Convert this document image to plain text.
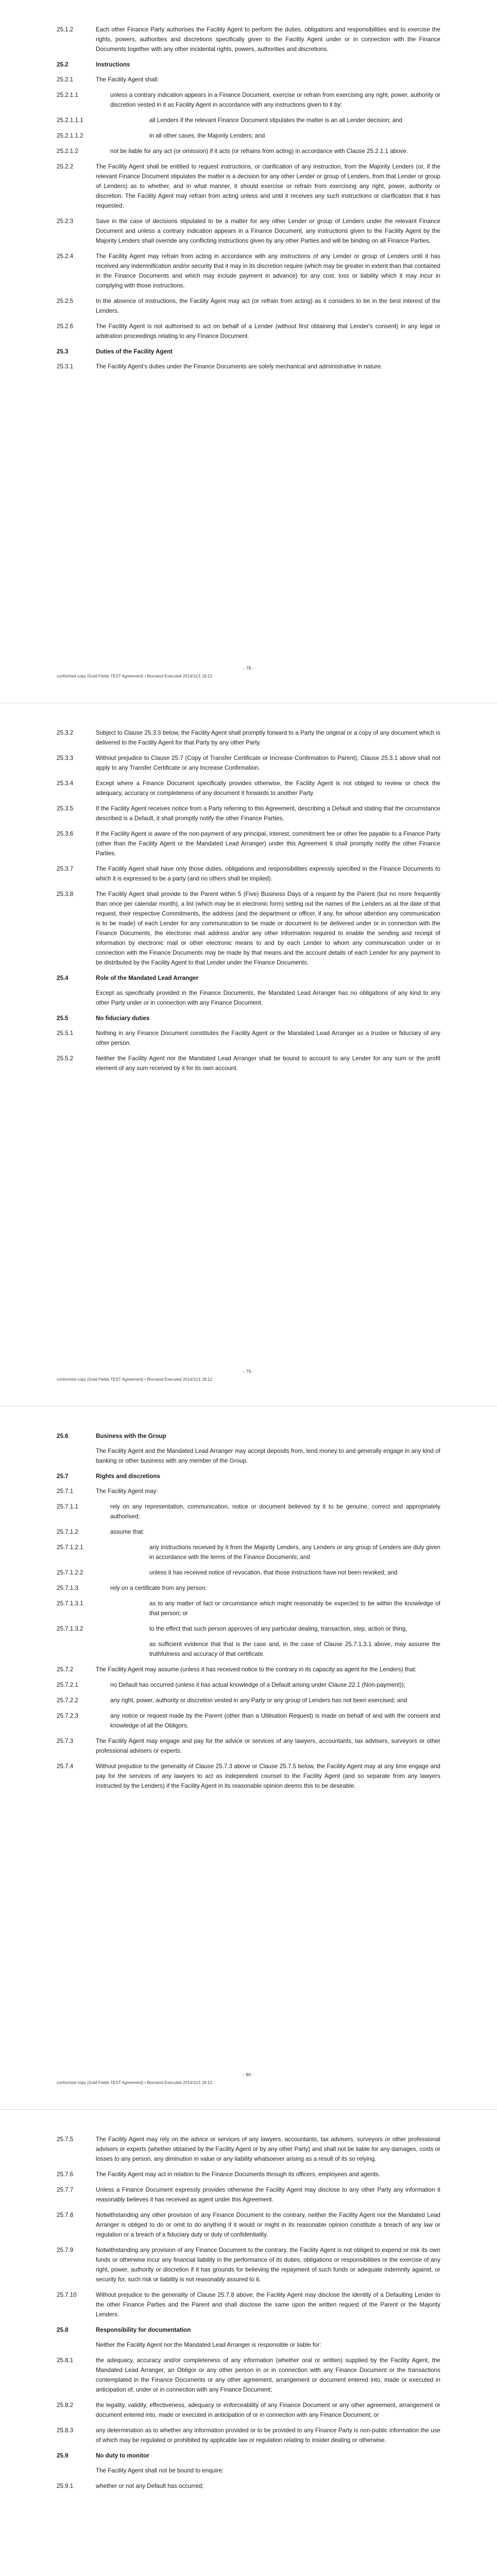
25.1.2	Each other Finance Party authorises the Facility Agent to perform the duties, obligations and responsibilities and to exercise the rights, powers, authorities and discretions specifically given to the Facility Agent under or in connection with the Finance Documents together with any other incidental rights, powers, authorities and discretions.
25.2	Instructions
25.2.1	The Facility Agent shall:
25.2.1.1	unless a contrary indication appears in a Finance Document, exercise or refrain from exercising any right, power, authority or discretion vested in it as Facility Agent in accordance with any instructions given to it by:
25.2.1.1.1	all Lenders if the relevant Finance Document stipulates the matter is an all Lender decision; and
25.2.1.1.2	in all other cases, the Majority Lenders; and
25.2.1.2	not be liable for any act (or omission) if it acts (or refrains from acting) in accordance with Clause 25.2.1.1 above.
25.2.2	The Facility Agent shall be entitled to request instructions, or clarification of any instruction, from the Majority Lenders (or, if the relevant Finance Document stipulates the matter is a decision for any other Lender or group of Lenders, from that Lender or group of Lenders) as to whether, and in what manner, it should exercise or refrain from exercising any right, power, authority or discretion. The Facility Agent may refrain from acting unless and until it receives any such instructions or clarification that it has requested.
25.2.3	Save in the case of decisions stipulated to be a matter for any other Lender or group of Lenders under the relevant Finance Document and unless a contrary indication appears in a Finance Document, any instructions given to the Facility Agent by the Majority Lenders shall override any conflicting instructions given by any other Parties and will be binding on all Finance Parties.
25.2.4	The Facility Agent may refrain from acting in accordance with any instructions of any Lender or group of Lenders until it has received any indemnification and/or security that it may in its discretion require (which may be greater in extent than that contained in the Finance Documents and which may include payment in advance) for any cost, loss or liability which it may incur in complying with those instructions.
25.2.5	In the absence of instructions, the Facility Agent may act (or refrain from acting) as it considers to be in the best interest of the Lenders.
25.2.6	The Facility Agent is not authorised to act on behalf of a Lender (without first obtaining that Lender's consent) in any legal or arbitration proceedings relating to any Finance Document.
25.3	Duties of the Facility Agent
25.3.1	The Facility Agent's duties under the Finance Documents are solely mechanical and administrative in nature.
- 78 -
conformed copy (Gold Fields TEST Agreement) • Biorsand Executed 2014/11/1 18:12
25.3.2	Subject to Clause 25.3.3 below, the Facility Agent shall promptly forward to a Party the original or a copy of any document which is delivered to the Facility Agent for that Party by any other Party.
25.3.3	Without prejudice to Clause 25.7 (Copy of Transfer Certificate or Increase Confirmation to Parent), Clause 25.3.1 above shall not apply to any Transfer Certificate or any Increase Confirmation.
25.3.4	Except where a Finance Document specifically provides otherwise, the Facility Agent is not obliged to review or check the adequacy, accuracy or completeness of any document it forwards to another Party.
25.3.5	If the Facility Agent receives notice from a Party referring to this Agreement, describing a Default and stating that the circumstance described is a Default, it shall promptly notify the other Finance Parties.
25.3.6	If the Facility Agent is aware of the non-payment of any principal, interest, commitment fee or other fee payable to a Finance Party (other than the Facility Agent or the Mandated Lead Arranger) under this Agreement it shall promptly notify the other Finance Parties.
25.3.7	The Facility Agent shall have only those duties, obligations and responsibilities expressly specified in the Finance Documents to which it is expressed to be a party (and no others shall be implied).
25.3.8	The Facility Agent shall provide to the Parent within 5 (Five) Business Days of a request by the Parent (but no more frequently than once per calendar month), a list (which may be in electronic form) setting out the names of the Lenders as at the date of that request, their respective Commitments, the address (and the department or officer, if any, for whose attention any communication is to be made) of each Lender for any communication to be made or document to be delivered under or in connection with the Finance Documents, the electronic mail address and/or any other information required to enable the sending and receipt of information by electronic mail or other electronic means to and by each Lender to whom any communication under or in connection with the Finance Documents may be made by that means and the account details of each Lender for any payment to be distributed by the Facility Agent to that Lender under the Finance Documents.
25.4	Role of the Mandated Lead Arranger
Except as specifically provided in the Finance Documents, the Mandated Lead Arranger has no obligations of any kind to any other Party under or in connection with any Finance Document.
25.5	No fiduciary duties
25.5.1	Nothing in any Finance Document constitutes the Facility Agent or the Mandated Lead Arranger as a trustee or fiduciary of any other person.
25.5.2	Neither the Facility Agent nor the Mandated Lead Arranger shall be bound to account to any Lender for any sum or the profit element of any sum received by it for its own account.
- 79 -
conformed copy (Gold Fields TEST Agreement) • Biorsand Executed 2014/11/1 18:12
25.6	Business with the Group
The Facility Agent and the Mandated Lead Arranger may accept deposits from, lend money to and generally engage in any kind of banking or other business with any member of the Group.
25.7	Rights and discretions
25.7.1	The Facility Agent may:
25.7.1.1	rely on any representation, communication, notice or document believed by it to be genuine, correct and appropriately authorised;
25.7.1.2	assume that:
25.7.1.2.1	any instructions received by it from the Majority Lenders, any Lenders or any group of Lenders are duly given in accordance with the terms of the Finance Documents; and
25.7.1.2.2	unless it has received notice of revocation, that those instructions have not been revoked; and
25.7.1.3	rely on a certificate from any person:
25.7.1.3.1	as to any matter of fact or circumstance which might reasonably be expected to be within the knowledge of that person; or
25.7.1.3.2	to the effect that such person approves of any particular dealing, transaction, step, action or thing,
as sufficient evidence that that is the case and, in the case of Clause 25.7.1.3.1 above, may assume the truthfulness and accuracy of that certificate.
25.7.2	The Facility Agent may assume (unless it has received notice to the contrary in its capacity as agent for the Lenders) that:
25.7.2.1	no Default has occurred (unless it has actual knowledge of a Default arising under Clause 22.1 (Non-payment));
25.7.2.2	any right, power, authority or discretion vested in any Party or any group of Lenders has not been exercised; and
25.7.2.3	any notice or request made by the Parent (other than a Utilisation Request) is made on behalf of and with the consent and knowledge of all the Obligors.
25.7.3	The Facility Agent may engage and pay for the advice or services of any lawyers, accountants, tax advisers, surveyors or other professional advisers or experts.
25.7.4	Without prejudice to the generality of Clause 25.7.3 above or Clause 25.7.5 below, the Facility Agent may at any time engage and pay for the services of any lawyers to act as independent counsel to the Facility Agent (and so separate from any lawyers instructed by the Lenders) if the Facility Agent in its reasonable opinion deems this to be desirable.
- 80 -
conformed copy (Gold Fields TEST Agreement) • Biorsand Executed 2014/11/1 18:12
25.7.5	The Facility Agent may rely on the advice or services of any lawyers, accountants, tax advisers, surveyors or other professional advisers or experts (whether obtained by the Facility Agent or by any other Party) and shall not be liable for any damages, costs or losses to any person, any diminution in value or any liability whatsoever arising as a result of its so relying.
25.7.6	The Facility Agent may act in relation to the Finance Documents through its officers, employees and agents.
25.7.7	Unless a Finance Document expressly provides otherwise the Facility Agent may disclose to any other Party any information it reasonably believes it has received as agent under this Agreement.
25.7.8	Notwithstanding any other provision of any Finance Document to the contrary, neither the Facility Agent nor the Mandated Lead Arranger is obliged to do or omit to do anything if it would or might in its reasonable opinion constitute a breach of any law or regulation or a breach of a fiduciary duty or duty of confidentiality.
25.7.9	Notwithstanding any provision of any Finance Document to the contrary, the Facility Agent is not obliged to expend or risk its own funds or otherwise incur any financial liability in the performance of its duties, obligations or responsibilities or the exercise of any right, power, authority or discretion if it has grounds for believing the repayment of such funds or adequate indemnity against, or security for, such risk or liability is not reasonably assured to it.
25.7.10	Without prejudice to the generality of Clause 25.7.8 above, the Facility Agent may disclose the identity of a Defaulting Lender to the other Finance Parties and the Parent and shall disclose the same upon the written request of the Parent or the Majority Lenders.
25.8	Responsibility for documentation
Neither the Facility Agent nor the Mandated Lead Arranger is responsible or liable for:
25.8.1	the adequacy, accuracy and/or completeness of any information (whether oral or written) supplied by the Facility Agent, the Mandated Lead Arranger, an Obligor or any other person in or in connection with any Finance Document or the transactions contemplated in the Finance Documents or any other agreement, arrangement or document entered into, made or executed in anticipation of, under or in connection with any Finance Document;
25.8.2	the legality, validity, effectiveness, adequacy or enforceability of any Finance Document or any other agreement, arrangement or document entered into, made or executed in anticipation of or in connection with any Finance Document; or
25.8.3	any determination as to whether any information provided or to be provided to any Finance Party is non-public information the use of which may be regulated or prohibited by applicable law or regulation relating to insider dealing or otherwise.
25.9	No duty to monitor
The Facility Agent shall not be bound to enquire:
25.9.1	whether or not any Default has occurred;
